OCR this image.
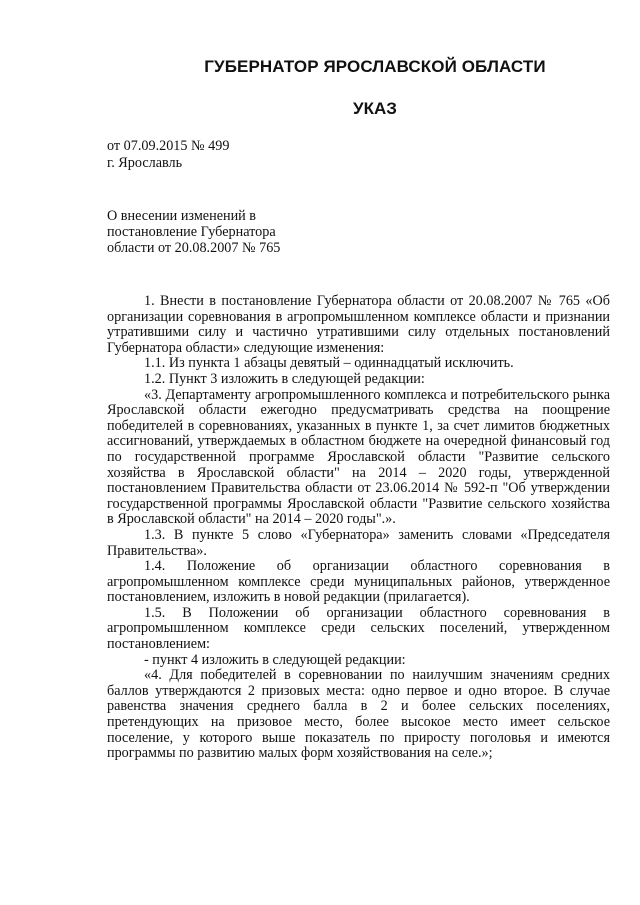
ГУБЕРНАТОР ЯРОСЛАВСКОЙ ОБЛАСТИ
УКАЗ
от 07.09.2015 № 499
г. Ярославль
О внесении изменений в
постановление Губернатора
области от 20.08.2007 № 765

1. Внести в постановление Губернатора области от 20.08.2007 № 765 «Об организации соревнования в агропромышленном комплексе области и признании утратившими силу и частично утратившими силу отдельных постановлений Губернатора области» следующие изменения:

1.1. Из пункта 1 абзацы девятый – одиннадцатый исключить.

1.2. Пункт 3 изложить в следующей редакции:

«3. Департаменту агропромышленного комплекса и потребительского рынка Ярославской области ежегодно предусматривать средства на поощрение победителей в соревнованиях, указанных в пункте 1, за счет лимитов бюджетных ассигнований, утверждаемых в областном бюджете на очередной финансовый год по государственной программе Ярославской области "Развитие сельского хозяйства в Ярославской области" на 2014 – 2020 годы, утвержденной постановлением Правительства области от 23.06.2014 № 592-п "Об утверждении государственной программы Ярославской области "Развитие сельского хозяйства в Ярославской области" на 2014 – 2020 годы".».

1.3. В пункте 5 слово «Губернатора» заменить словами «Председателя Правительства».

1.4. Положение об организации областного соревнования в агропромышленном комплексе среди муниципальных районов, утвержденное постановлением, изложить в новой редакции (прилагается).

1.5. В Положении об организации областного соревнования в агропромышленном комплексе среди сельских поселений, утвержденном постановлением:

- пункт 4 изложить в следующей редакции:

«4. Для победителей в соревновании по наилучшим значениям средних баллов утверждаются 2 призовых места: одно первое и одно второе. В случае равенства значения среднего балла в 2 и более сельских поселениях, претендующих на призовое место, более высокое место имеет сельское поселение, у которого выше показатель по приросту поголовья и имеются программы по развитию малых форм хозяйствования на селе.»;
